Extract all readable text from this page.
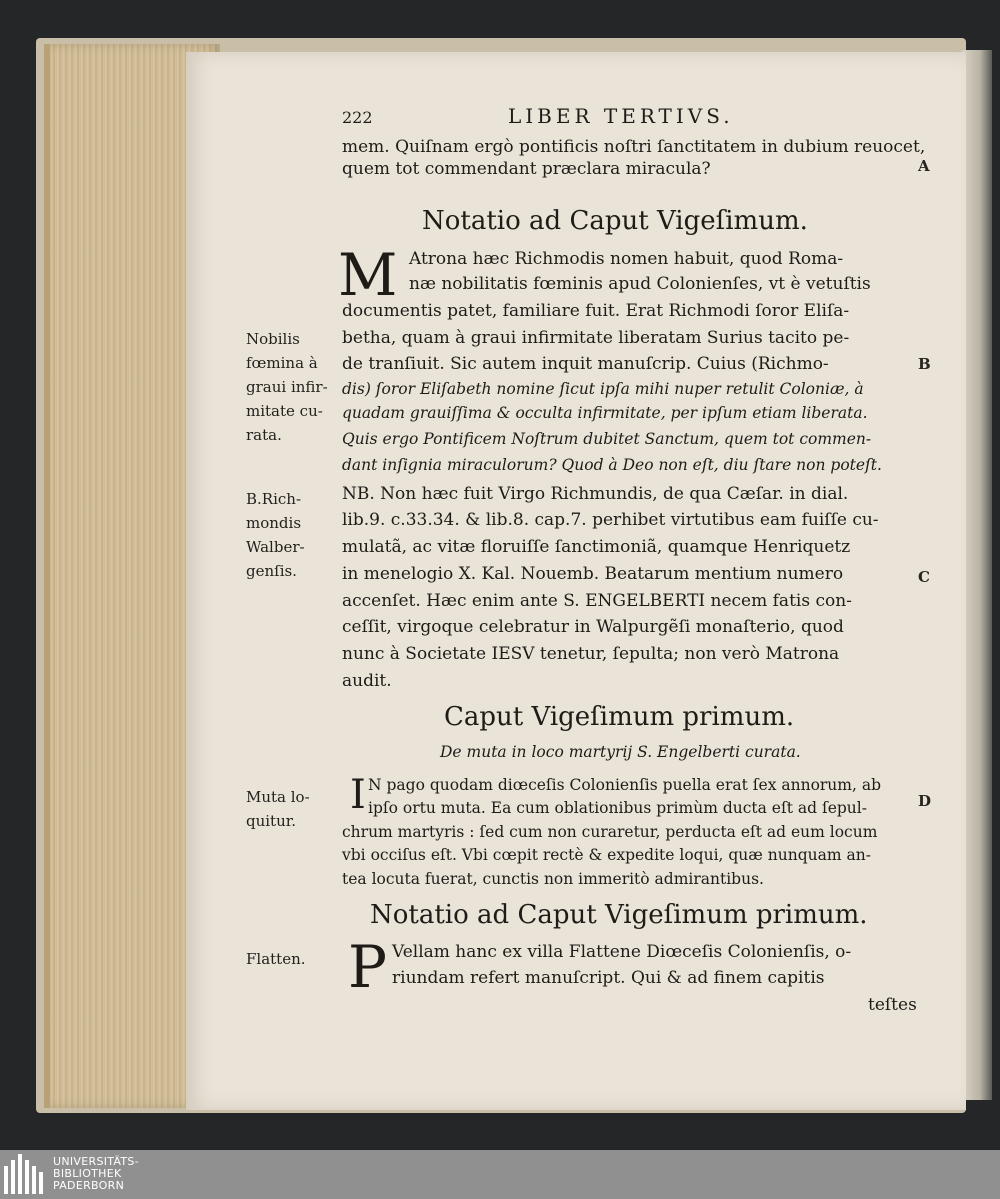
222	LIBER TERTIVS.
mem. Quiſnam ergò pontificis noſtri ſanctitatem in dubium reuocet,
quem tot commendant præclara miracula?	A
Notatio ad Caput Vigeſimum.
M Atrona hæc Richmodis nomen habuit, quod Roma-
næ nobilitatis fœminis apud Colonienſes, vt è vetuſtis
documentis patet, familiare fuit. Erat Richmodi ſoror Eliſa-
betha, quam à graui infirmitate liberatam Surius tacito pe-
de tranſiuit. Sic autem inquit manuſcrip. Cuius (Richmo-
dis) ſoror Eliſabeth nomine ſicut ipſa mihi nuper retulit Coloniæ, à
quadam grauiſſima & occulta infirmitate, per ipſum etiam liberata.
Quis ergo Pontificem Noſtrum dubitet Sanctum, quem tot commen-
dant inſignia miraculorum? Quod à Deo non eſt, diu ſtare non poteſt.
NB. Non hæc fuit Virgo Richmundis, de qua Cæſar. in dial.
lib.9. c.33.34. & lib.8. cap.7. perhibet virtutibus eam fuiſſe cu-
mulatã, ac vitæ floruiſſe ſanctimoniã, quamque Henriquetz
in menelogio X. Kal. Nouemb. Beatarum mentium numero
accenſet. Hæc enim ante S. ENGELBERTI necem fatis con-
ceſſit, virgoque celebratur in Walpurgẽſi monaſterio, quod
nunc à Societate IESV tenetur, ſepulta; non verò Matrona
audit.
B
C
Nobilis
fœmina à
graui infir-
mitate cu-
rata.
B.Rich-
mondis
Walber-
genſis.
Caput Vigeſimum primum.
De muta in loco martyrij S. Engelberti curata.
I N pago quodam diœceſis Colonienſis puella erat ſex annorum, ab
ipſo ortu muta. Ea cum oblationibus primùm ducta eſt ad ſepul-
chrum martyris : ſed cum non curaretur, perducta eſt ad eum locum
vbi occiſus eſt. Vbi cœpit rectè & expedite loqui, quæ nunquam an-
tea locuta fuerat, cunctis non immeritò admirantibus.
D
Muta lo-
quitur.
Notatio ad Caput Vigeſimum primum.
P Vellam hanc ex villa Flattene Diœceſis Colonienſis, o-
riundam refert manuſcript. Qui & ad finem capitis
teſtes
Flatten.
UNIVERSITÄTS-
BIBLIOTHEK
PADERBORN
